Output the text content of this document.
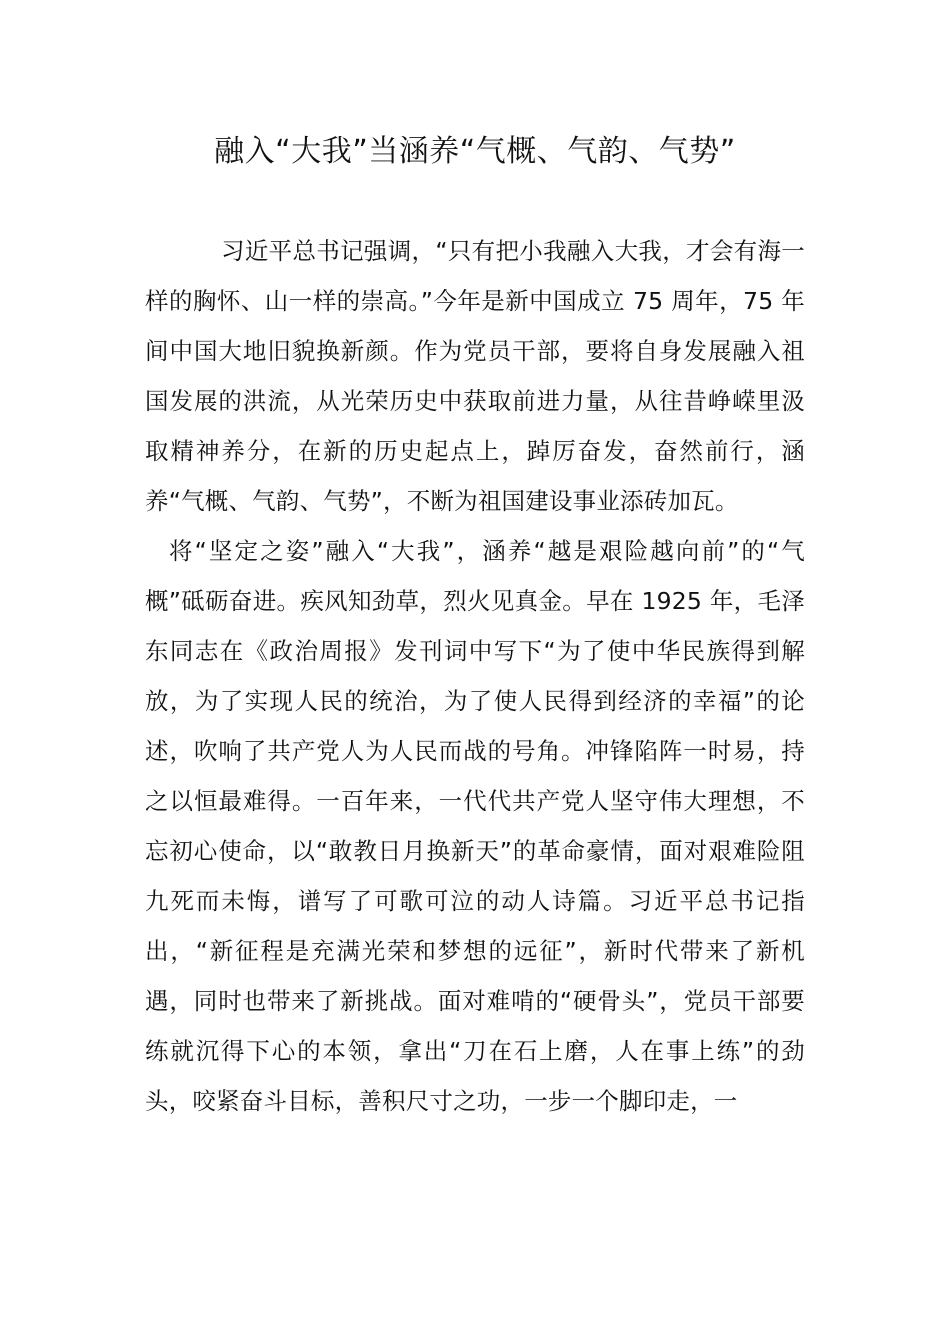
融入“大我”当涵养“气概、气韵、气势”

习近平总书记强调，“只有把小我融入大我，才会有海一样的胸怀、山一样的崇高。”今年是新中国成立 75 周年，75 年间中国大地旧貌换新颜。作为党员干部，要将自身发展融入祖国发展的洪流，从光荣历史中获取前进力量，从往昔峥嵘里汲取精神养分，在新的历史起点上，踔厉奋发，奋然前行，涵养“气概、气韵、气势”，不断为祖国建设事业添砖加瓦。

将“坚定之姿”融入“大我”，涵养“越是艰险越向前”的“气概”砥砺奋进。疾风知劲草，烈火见真金。早在 1925 年，毛泽东同志在《政治周报》发刊词中写下“为了使中华民族得到解放，为了实现人民的统治，为了使人民得到经济的幸福”的论述，吹响了共产党人为人民而战的号角。冲锋陷阵一时易，持之以恒最难得。一百年来，一代代共产党人坚守伟大理想，不忘初心使命，以“敢教日月换新天”的革命豪情，面对艰难险阻九死而未悔，谱写了可歌可泣的动人诗篇。习近平总书记指出，“新征程是充满光荣和梦想的远征”，新时代带来了新机遇，同时也带来了新挑战。面对难啃的“硬骨头”，党员干部要练就沉得下心的本领，拿出“刀在石上磨，人在事上练”的劲头，咬紧奋斗目标，善积尺寸之功，一步一个脚印走，一
